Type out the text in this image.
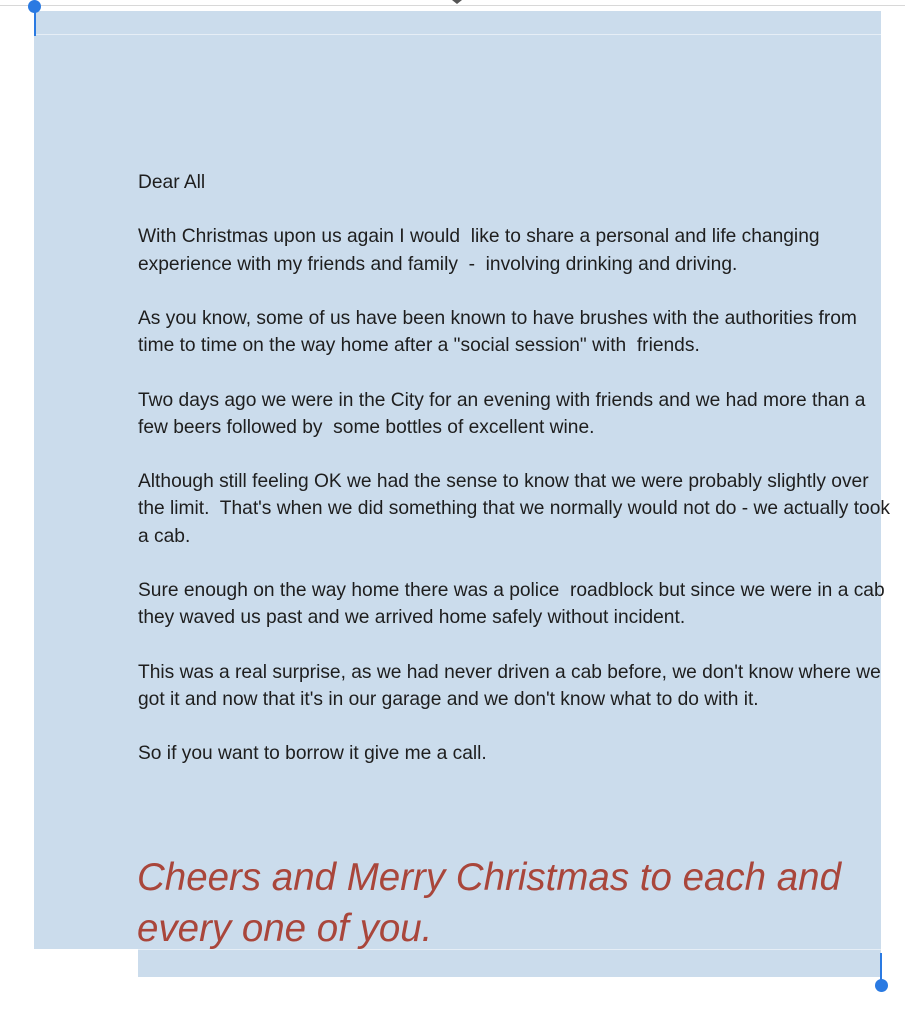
Dear All

With Christmas upon us again I would  like to share a personal and life changing experience with my friends and family  -  involving drinking and driving.

As you know, some of us have been known to have brushes with the authorities from time to time on the way home after a "social session" with  friends.

Two days ago we were in the City for an evening with friends and we had more than a few beers followed by  some bottles of excellent wine.

Although still feeling OK we had the sense to know that we were probably slightly over the limit.  That's when we did something that we normally would not do - we actually took a cab.

Sure enough on the way home there was a police  roadblock but since we were in a cab they waved us past and we arrived home safely without incident.

This was a real surprise, as we had never driven a cab before, we don't know where we got it and now that it's in our garage and we don't know what to do with it.

So if you want to borrow it give me a call.

Cheers and Merry Christmas to each and every one of you.
